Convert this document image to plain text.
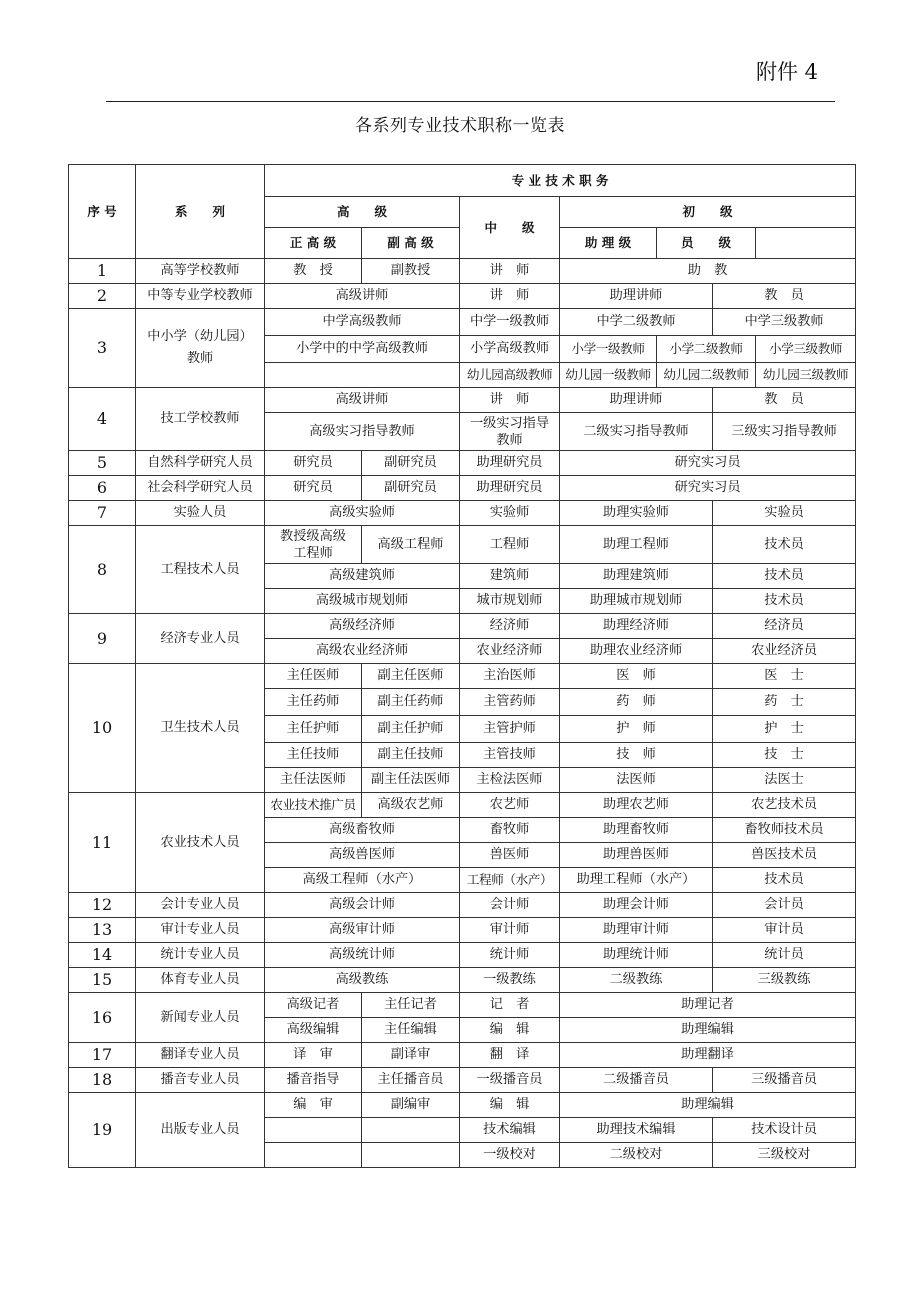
附件 4
各系列专业技术职称一览表
序 号	系　　列	专 业 技 术 职 务						
		高　　级		中　　级	初　　级			
		正 高 级	副 高 级		助 理 级	员　　级		
1	高等学校教师	教　授	副教授	讲　师	助　教			
2	中等专业学校教师	高级讲师		讲　师	助理讲师		教　员	
3	中小学（幼儿园）教师	中学高级教师		中学一级教师	中学二级教师		中学三级教师	
		小学中的中学高级教师		小学高级教师	小学一级教师	小学二级教师		小学三级教师
				幼儿园高级教师	幼儿园一级教师	幼儿园二级教师		幼儿园三级教师
4	技工学校教师	高级讲师		讲　师	助理讲师		教　员	
		高级实习指导教师		一级实习指导教师	二级实习指导教师		三级实习指导教师	
5	自然科学研究人员	研究员	副研究员	助理研究员	研究实习员			
6	社会科学研究人员	研究员	副研究员	助理研究员	研究实习员			
7	实验人员	高级实验师		实验师	助理实验师		实验员	
8	工程技术人员	教授级高级工程师	高级工程师	工程师	助理工程师		技术员	
		高级建筑师		建筑师	助理建筑师		技术员	
		高级城市规划师		城市规划师	助理城市规划师		技术员	
9	经济专业人员	高级经济师		经济师	助理经济师		经济员	
		高级农业经济师		农业经济师	助理农业经济师		农业经济员	
10	卫生技术人员	主任医师	副主任医师	主治医师	医　师		医　士	
		主任药师	副主任药师	主管药师	药　师		药　士	
		主任护师	副主任护师	主管护师	护　师		护　士	
		主任技师	副主任技师	主管技师	技　师		技　士	
		主任法医师	副主任法医师	主检法医师	法医师		法医士	
11	农业技术人员	农业技术推广员	高级农艺师	农艺师	助理农艺师		农艺技术员	
		高级畜牧师		畜牧师	助理畜牧师		畜牧师技术员	
		高级兽医师		兽医师	助理兽医师		兽医技术员	
		高级工程师（水产）		工程师（水产）	助理工程师（水产）		技术员	
12	会计专业人员	高级会计师		会计师	助理会计师		会计员	
13	审计专业人员	高级审计师		审计师	助理审计师		审计员	
14	统计专业人员	高级统计师		统计师	助理统计师		统计员	
15	体育专业人员	高级教练		一级教练	二级教练		三级教练	
16	新闻专业人员	高级记者	主任记者	记　者	助理记者			
		高级编辑	主任编辑	编　辑	助理编辑			
17	翻译专业人员	译　审	副译审	翻　译	助理翻译			
18	播音专业人员	播音指导	主任播音员	一级播音员	二级播音员		三级播音员	
19	出版专业人员	编　审	副编审	编　辑	助理编辑			
				技术编辑	助理技术编辑		技术设计员	
				一级校对	二级校对		三级校对	
